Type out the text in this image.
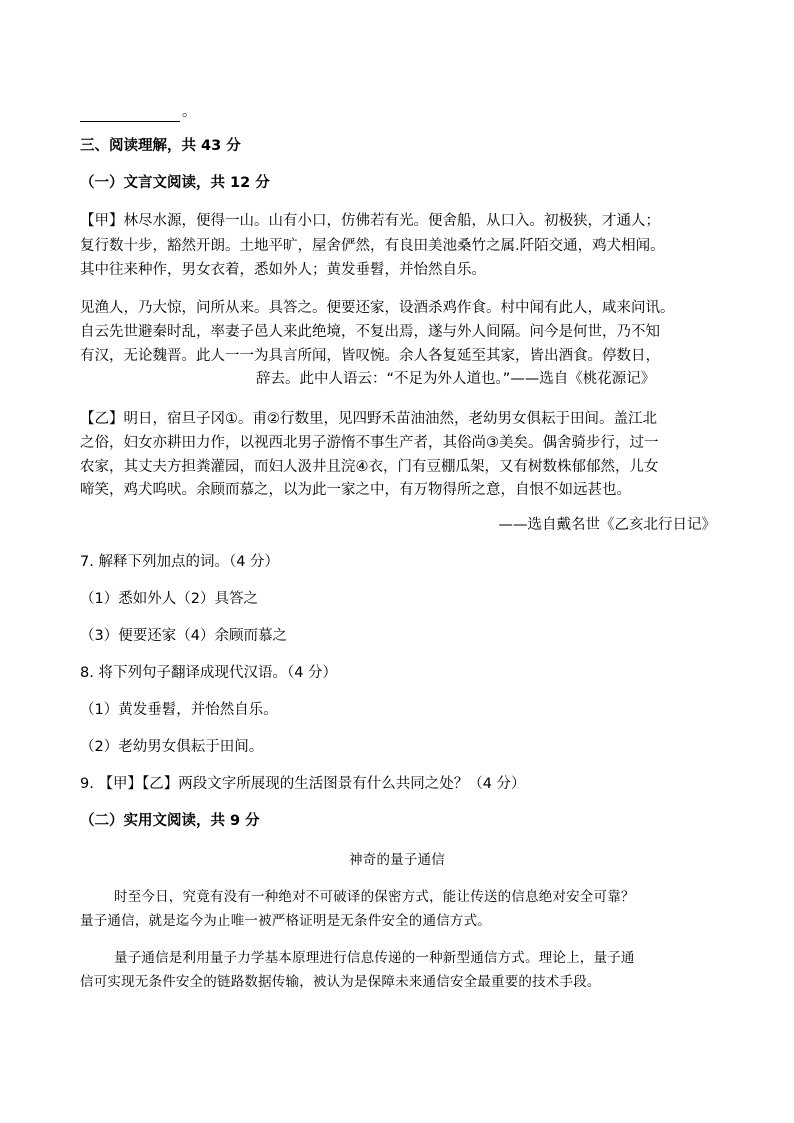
。
三、阅读理解，共 43 分
（一）文言文阅读，共 12 分
【甲】林尽水源，便得一山。山有小口，仿佛若有光。便舍船，从口入。初极狭，才通人；
复行数十步，豁然开朗。土地平旷，屋舍俨然，有良田美池桑竹之属.阡陌交通，鸡犬相闻。
其中往来种作，男女衣着，悉如外人；黄发垂髫，并怡然自乐。
见渔人，乃大惊，问所从来。具答之。便要还家，设酒杀鸡作食。村中闻有此人，咸来问讯。
自云先世避秦时乱，率妻子邑人来此绝境，不复出焉，遂与外人间隔。问今是何世，乃不知
有汉，无论魏晋。此人一一为具言所闻，皆叹惋。余人各复延至其家，皆出酒食。停数日，
辞去。此中人语云：“不足为外人道也。”——选自《桃花源记》
【乙】明日，宿旦子冈①。甫②行数里，见四野禾苗油油然，老幼男女俱耘于田间。盖江北
之俗，妇女亦耕田力作，以视西北男子游惰不事生产者，其俗尚③美矣。偶舍骑步行，过一
农家，其丈夫方担粪灌园，而妇人汲井且浣④衣，门有豆棚瓜架，又有树数株郁郁然，儿女
啼笑，鸡犬呜吠。余顾而慕之，以为此一家之中，有万物得所之意，自恨不如远甚也。
——选自戴名世《乙亥北行日记》
7. 解释下列加点的词。（4 分）
（1）悉如外人（2）具答之
（3）便要还家（4）余顾而慕之
8. 将下列句子翻译成现代汉语。（4 分）
（1）黄发垂髫，并怡然自乐。
（2）老幼男女俱耘于田间。
9. 【甲】【乙】两段文字所展现的生活图景有什么共同之处？（4 分）
（二）实用文阅读，共 9 分
神奇的量子通信
时至今日，究竟有没有一种绝对不可破译的保密方式，能让传送的信息绝对安全可靠？
量子通信，就是迄今为止唯一被严格证明是无条件安全的通信方式。
量子通信是利用量子力学基本原理进行信息传递的一种新型通信方式。理论上，量子通
信可实现无条件安全的链路数据传输，被认为是保障未来通信安全最重要的技术手段。
